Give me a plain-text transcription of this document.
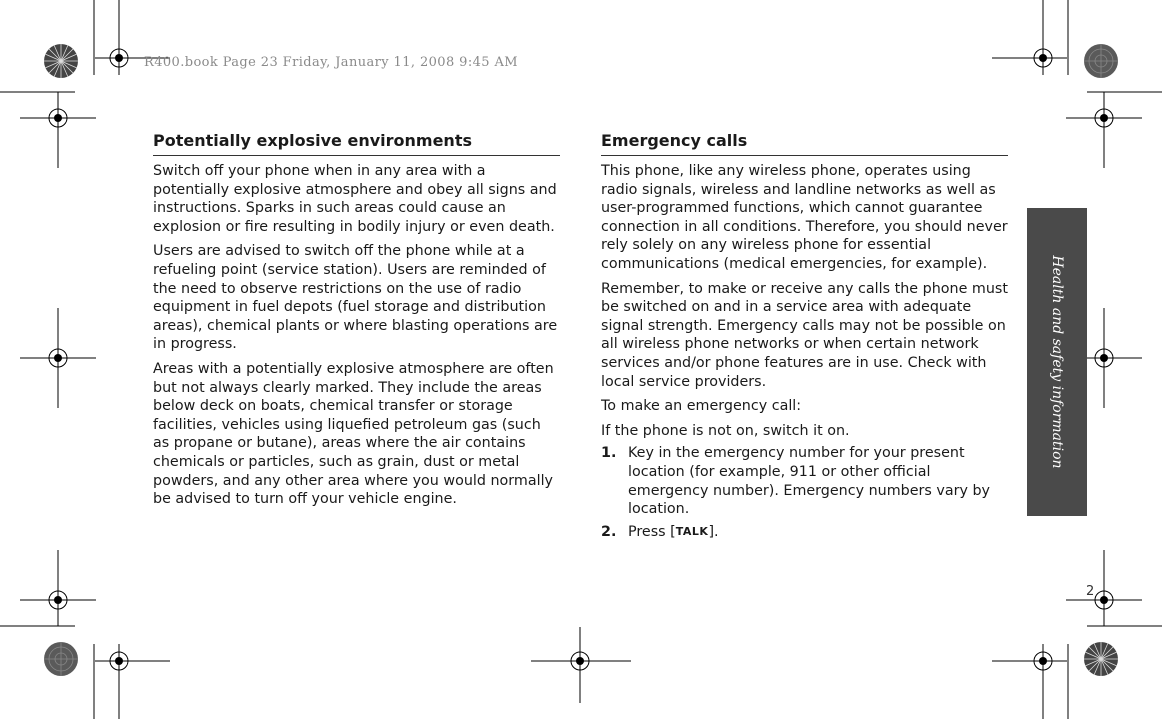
R400.book Page 23 Friday, January 11, 2008 9:45 AM
Potentially explosive environments

Switch off your phone when in any area with a potentially explosive atmosphere and obey all signs and instructions. Sparks in such areas could cause an explosion or fire resulting in bodily injury or even death.

Users are advised to switch off the phone while at a refueling point (service station). Users are reminded of the need to observe restrictions on the use of radio equipment in fuel depots (fuel storage and distribution areas), chemical plants or where blasting operations are in progress.

Areas with a potentially explosive atmosphere are often but not always clearly marked. They include the areas below deck on boats, chemical transfer or storage facilities, vehicles using liquefied petroleum gas (such as propane or butane), areas where the air contains chemicals or particles, such as grain, dust or metal powders, and any other area where you would normally be advised to turn off your vehicle engine.

Emergency calls

This phone, like any wireless phone, operates using radio signals, wireless and landline networks as well as user-programmed functions, which cannot guarantee connection in all conditions. Therefore, you should never rely solely on any wireless phone for essential communications (medical emergencies, for example).

Remember, to make or receive any calls the phone must be switched on and in a service area with adequate signal strength. Emergency calls may not be possible on all wireless phone networks or when certain network services and/or phone features are in use. Check with local service providers.

To make an emergency call:

If the phone is not on, switch it on.

1. Key in the emergency number for your present location (for example, 911 or other official emergency number). Emergency numbers vary by location.
2. Press [TALK].
Health and safety information
2
